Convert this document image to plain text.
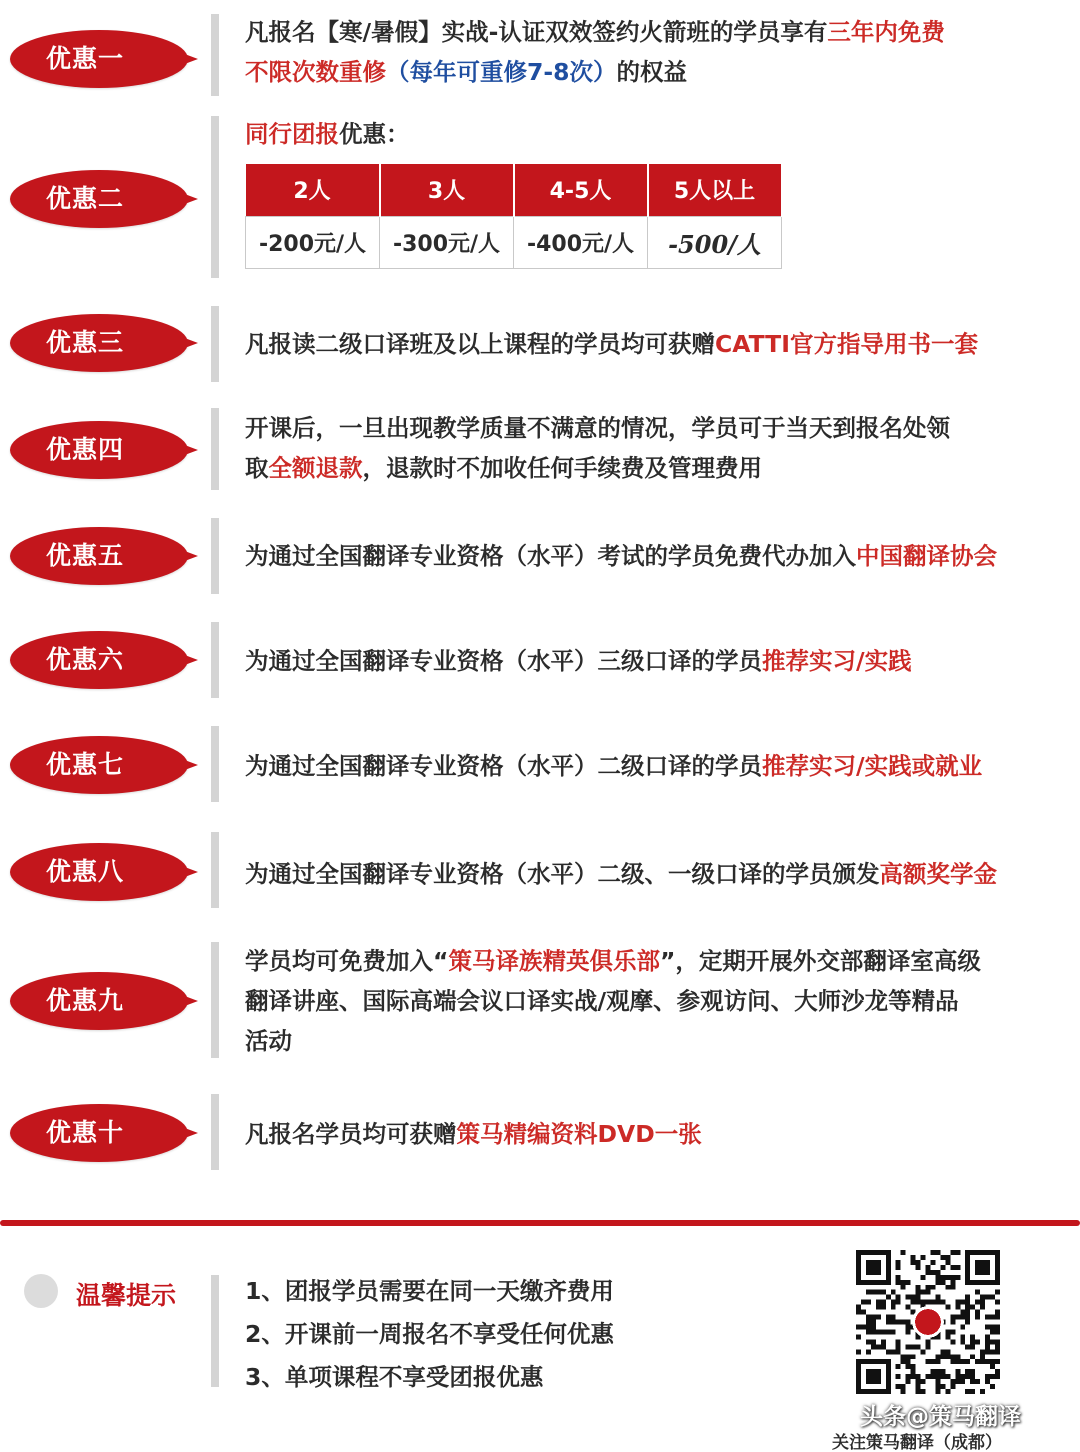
优惠一
凡报名【寒/暑假】实战-认证双效签约火箭班的学员享有三年内免费
不限次数重修（每年可重修7-8次）的权益
优惠二
同行团报优惠：
2人	3人	4-5人	5人以上
-200元/人	-300元/人	-400元/人	-500/人
优惠三	凡报读二级口译班及以上课程的学员均可获赠CATTI官方指导用书一套
优惠四
开课后，一旦出现教学质量不满意的情况，学员可于当天到报名处领
取全额退款，退款时不加收任何手续费及管理费用
优惠五	为通过全国翻译专业资格（水平）考试的学员免费代办加入中国翻译协会
优惠六	为通过全国翻译专业资格（水平）三级口译的学员推荐实习/实践
优惠七	为通过全国翻译专业资格（水平）二级口译的学员推荐实习/实践或就业
优惠八	为通过全国翻译专业资格（水平）二级、一级口译的学员颁发高额奖学金
优惠九
学员均可免费加入“策马译族精英俱乐部”，定期开展外交部翻译室高级
翻译讲座、国际高端会议口译实战/观摩、参观访问、大师沙龙等精品
活动
优惠十	凡报名学员均可获赠策马精编资料DVD一张
温馨提示	1、团报学员需要在同一天缴齐费用
2、开课前一周报名不享受任何优惠
3、单项课程不享受团报优惠
头条@策马翻译
关注策马翻译（成都）
